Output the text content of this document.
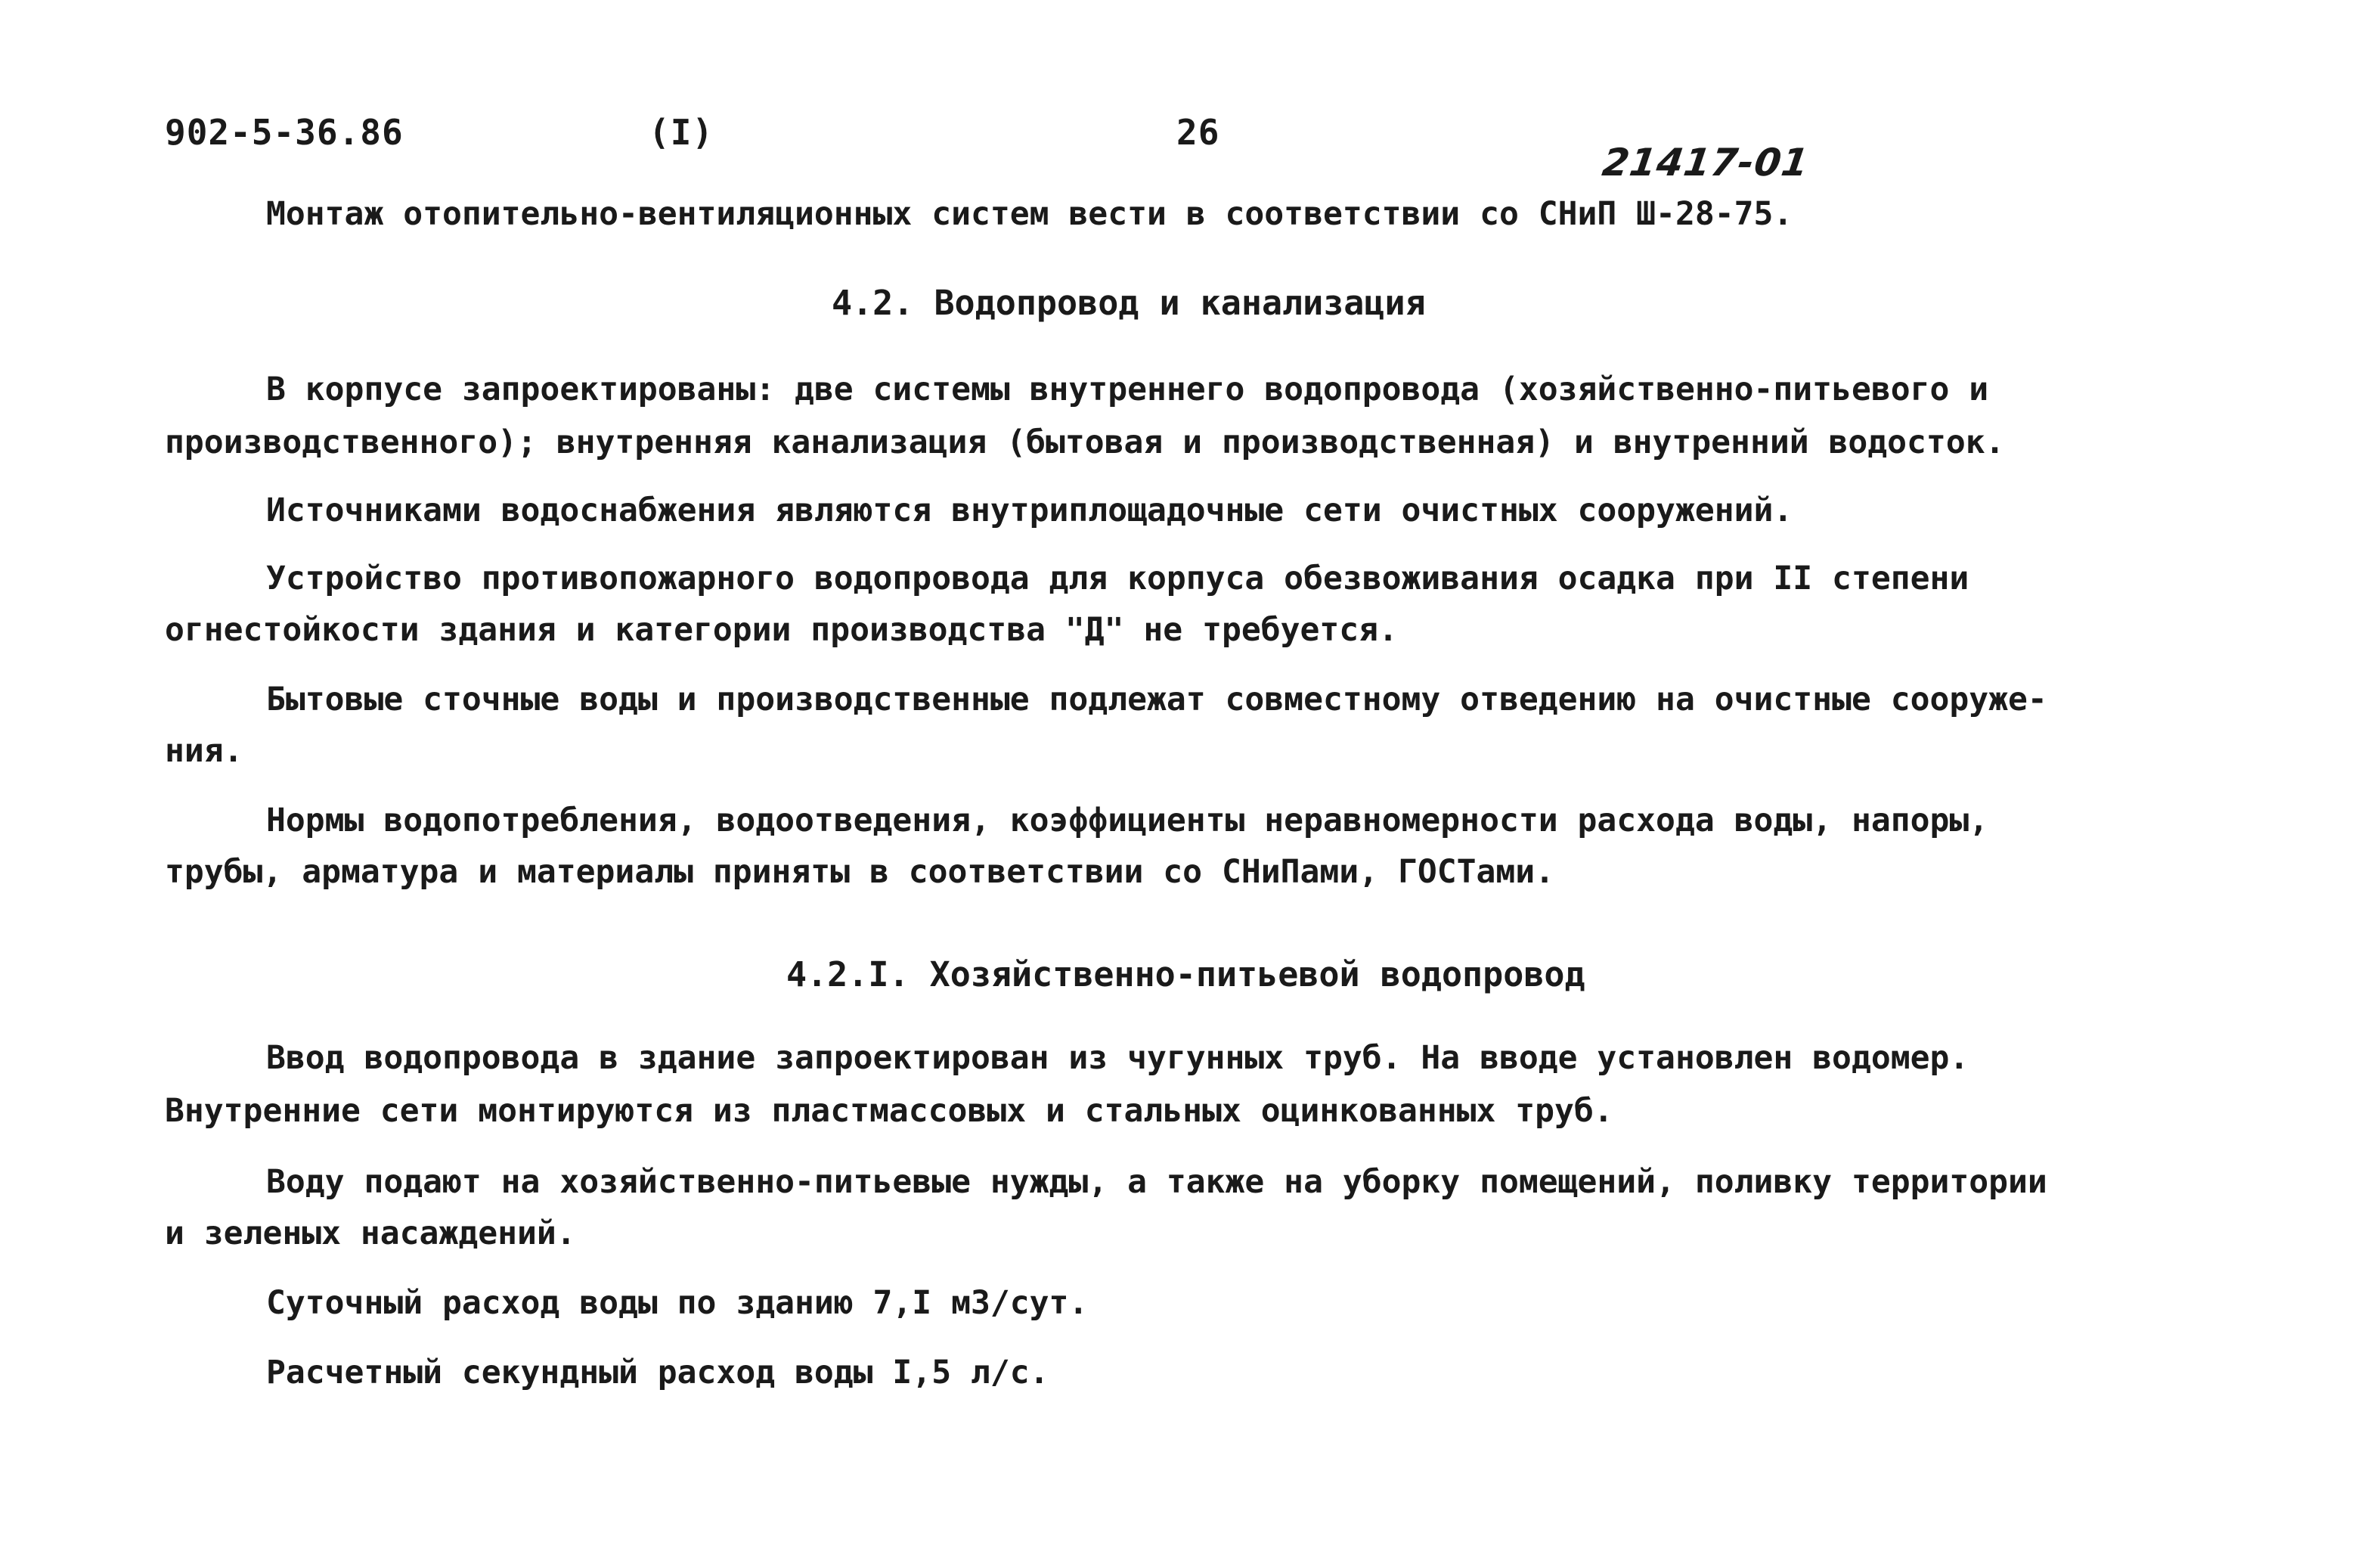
902-5-36.86	(I)	26
21417-01
Монтаж отопительно-вентиляционных систем вести в соответствии со СНиП Ш-28-75.
4.2. Водопровод и канализация
В корпусе запроектированы: две системы внутреннего водопровода (хозяйственно-питьевого и
производственного); внутренняя канализация (бытовая и производственная) и внутренний водосток.
Источниками водоснабжения являются внутриплощадочные сети очистных сооружений.
Устройство противопожарного водопровода для корпуса обезвоживания осадка при II степени
огнестойкости здания и категории производства "Д" не требуется.
Бытовые сточные воды и производственные подлежат совместному отведению на очистные сооруже-
ния.
Нормы водопотребления, водоотведения, коэффициенты неравномерности расхода воды, напоры,
трубы, арматура и материалы приняты в соответствии со СНиПами, ГОСТами.
4.2.I. Хозяйственно-питьевой водопровод
Ввод водопровода в здание запроектирован из чугунных труб. На вводе установлен водомер.
Внутренние сети монтируются из пластмассовых и стальных оцинкованных труб.
Воду подают на хозяйственно-питьевые нужды, а также на уборку помещений, поливку территории
и зеленых насаждений.
Суточный расход воды по зданию 7,I м3/сут.
Расчетный секундный расход воды I,5 л/с.
